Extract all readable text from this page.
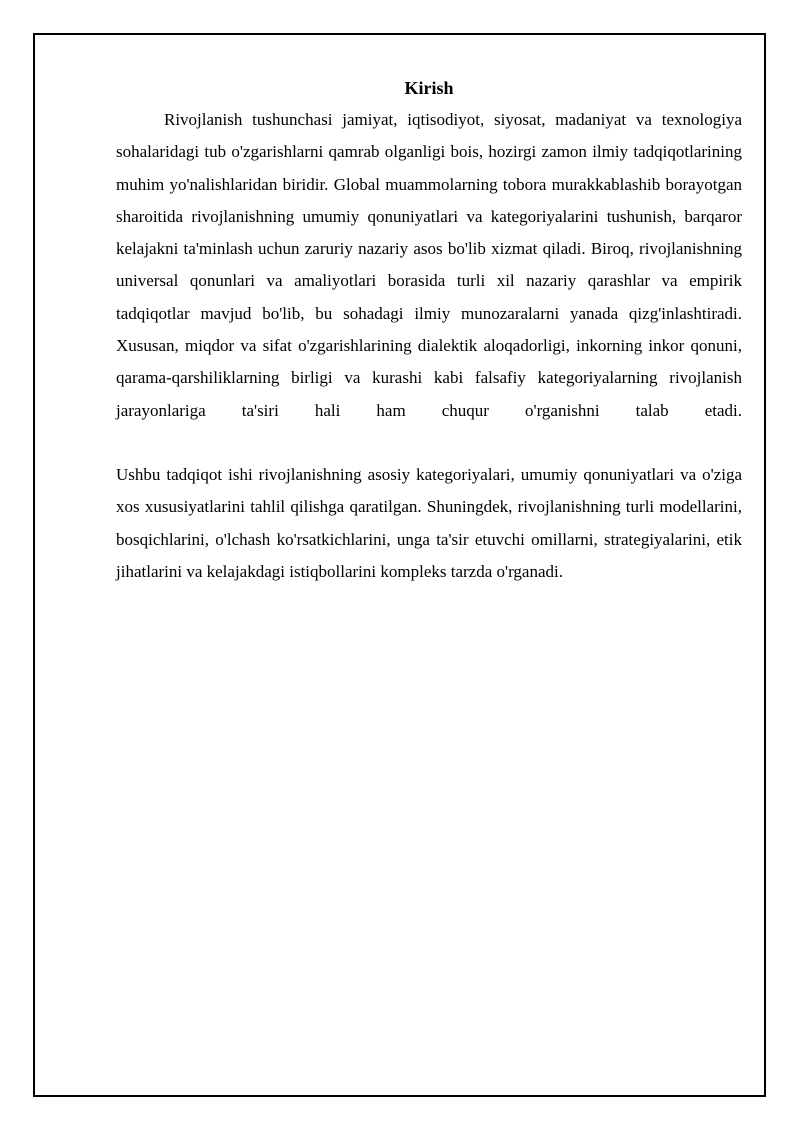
Kirish

Rivojlanish tushunchasi jamiyat, iqtisodiyot, siyosat, madaniyat va texnologiya sohalaridagi tub o'zgarishlarni qamrab olganligi bois, hozirgi zamon ilmiy tadqiqotlarining muhim yo'nalishlaridan biridir. Global muammolarning tobora murakkablashib borayotgan sharoitida rivojlanishning umumiy qonuniyatlari va kategoriyalarini tushunish, barqaror kelajakni ta'minlash uchun zaruriy nazariy asos bo'lib xizmat qiladi. Biroq, rivojlanishning universal qonunlari va amaliyotlari borasida turli xil nazariy qarashlar va empirik tadqiqotlar mavjud bo'lib, bu sohadagi ilmiy munozaralarni yanada qizg'inlashtiradi. Xususan, miqdor va sifat o'zgarishlarining dialektik aloqadorligi, inkorning inkor qonuni, qarama-qarshiliklarning birligi va kurashi kabi falsafiy kategoriyalarning rivojlanish jarayonlariga ta'siri hali ham chuqur o'rganishni talab etadi.

Ushbu tadqiqot ishi rivojlanishning asosiy kategoriyalari, umumiy qonuniyatlari va o'ziga xos xususiyatlarini tahlil qilishga qaratilgan. Shuningdek, rivojlanishning turli modellarini, bosqichlarini, o'lchash ko'rsatkichlarini, unga ta'sir etuvchi omillarni, strategiyalarini, etik jihatlarini va kelajakdagi istiqbollarini kompleks tarzda o'rganadi.
